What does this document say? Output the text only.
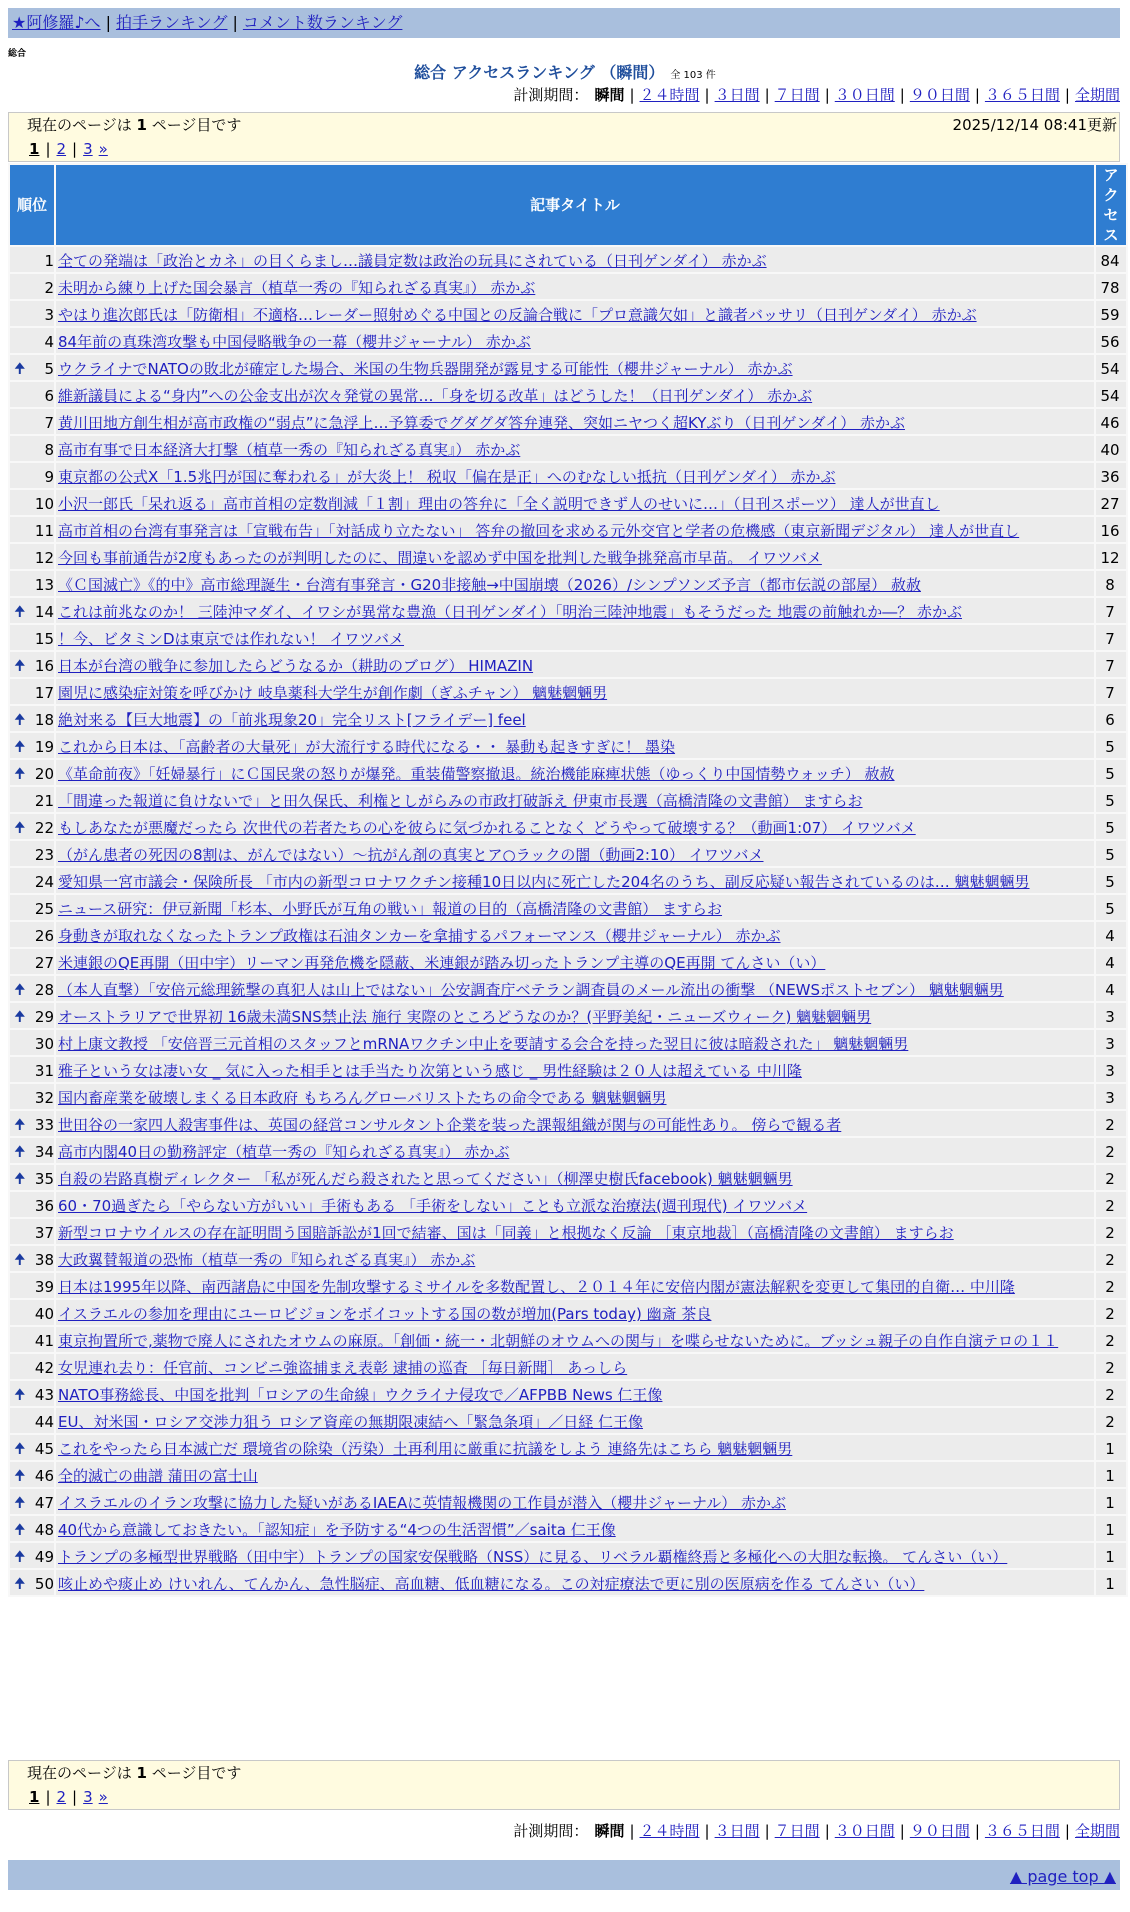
★阿修羅♪へ | 拍手ランキング | コメント数ランキング
総合
総合 アクセスランキング （瞬間） 全 103 件
計測期間： 瞬間 | ２４時間 | ３日間 | ７日間 | ３０日間 | ９０日間 | ３６５日間 | 全期間
現在のページは 1 ページ目です	2025/12/14 08:41更新
1 | 2 | 3 »
順位	記事タイトル	アクセス
1	全ての発端は「政治とカネ」の目くらまし…議員定数は政治の玩具にされている（日刊ゲンダイ） 赤かぶ	84
2	未明から練り上げた国会暴言（植草一秀の『知られざる真実』） 赤かぶ	78
3	やはり進次郎氏は「防衛相」不適格…レーダー照射めぐる中国との反論合戦に「プロ意識欠如」と識者バッサリ（日刊ゲンダイ） 赤かぶ	59
4	84年前の真珠湾攻撃も中国侵略戦争の一幕（櫻井ジャーナル） 赤かぶ	56

🠉 5	ウクライナでNATOの敗北が確定した場合、米国の生物兵器開発が露見する可能性（櫻井ジャーナル） 赤かぶ	54
6	維新議員による“身内”への公金支出が次々発覚の異常…「身を切る改革」はどうした！（日刊ゲンダイ） 赤かぶ	54
7	黄川田地方創生相が高市政権の“弱点”に急浮上…予算委でグダグダ答弁連発、突如ニヤつく超KYぶり（日刊ゲンダイ） 赤かぶ	46
8	高市有事で日本経済大打撃（植草一秀の『知られざる真実』） 赤かぶ	40
9	東京都の公式X「1.5兆円が国に奪われる」が大炎上！ 税収「偏在是正」へのむなしい抵抗（日刊ゲンダイ） 赤かぶ	36
10	小沢一郎氏「呆れ返る」高市首相の定数削減「１割」理由の答弁に「全く説明できず人のせいに…」（日刊スポーツ） 達人が世直し	27
11	高市首相の台湾有事発言は「宣戦布告」「対話成り立たない」 答弁の撤回を求める元外交官と学者の危機感（東京新聞デジタル） 達人が世直し	16
12	今回も事前通告が2度もあったのが判明したのに、間違いを認めず中国を批判した戦争挑発高市早苗。 イワツバメ	12
13	《Ｃ国滅亡》《的中》高市総理誕生・台湾有事発言・G20非接触→中国崩壊（2026）/シンプソンズ予言（都市伝説の部屋） 赦赦	8

🠉 14	これは前兆なのか！ 三陸沖マダイ、イワシが異常な豊漁（日刊ゲンダイ）「明治三陸沖地震」もそうだった 地震の前触れか―？ 赤かぶ	7
15	！今、ビタミンDは東京では作れない！ イワツバメ	7

🠉 16	日本が台湾の戦争に参加したらどうなるか（耕助のブログ） HIMAZIN	7
17	園児に感染症対策を呼びかけ 岐阜薬科大学生が創作劇（ぎふチャン） 魑魅魍魎男	7

🠉 18	絶対来る【巨大地震】の「前兆現象20」完全リスト[フライデー] feel	6

🠉 19	これから日本は、「高齢者の大量死」が大流行する時代になる・・ 暴動も起きすぎに！ 墨染	5

🠉 20	《革命前夜》「妊婦暴行」にＣ国民衆の怒りが爆発。重装備警察撤退。統治機能麻痺状態（ゆっくり中国情勢ウォッチ） 赦赦	5
21	「間違った報道に負けないで」と田久保氏、利権としがらみの市政打破訴え 伊東市長選（高橋清隆の文書館） ますらお	5

🠉 22	もしあなたが悪魔だったら 次世代の若者たちの心を彼らに気づかれることなく どうやって破壊する？（動画1:07） イワツバメ	5
23	（がん患者の死因の8割は、がんではない）〜抗がん剤の真実とア○ラックの闇（動画2:10） イワツバメ	5
24	愛知県一宮市議会・保険所長 「市内の新型コロナワクチン接種10日以内に死亡した204名のうち、副反応疑い報告されているのは… 魑魅魍魎男	5
25	ニュース研究：伊豆新聞「杉本、小野氏が互角の戦い」報道の目的（高橋清隆の文書館） ますらお	5
26	身動きが取れなくなったトランプ政権は石油タンカーを拿捕するパフォーマンス（櫻井ジャーナル） 赤かぶ	4
27	米連銀のQE再開（田中宇）リーマン再発危機を隠蔽、米連銀が踏み切ったトランプ主導のQE再開 てんさい（い）	4

🠉 28	（本人直撃）「安倍元総理銃撃の真犯人は山上ではない」公安調査庁ベテラン調査員のメール流出の衝撃 （NEWSポストセブン） 魑魅魍魎男	4

🠉 29	オーストラリアで世界初 16歳未満SNS禁止法 施行 実際のところどうなのか？(平野美紀・ニューズウィーク) 魑魅魍魎男	3
30	村上康文教授 「安倍晋三元首相のスタッフとmRNAワクチン中止を要請する会合を持った翌日に彼は暗殺された」 魑魅魍魎男	3
31	雅子という女は凄い女 _ 気に入った相手とは手当たり次第という感じ _ 男性経験は２０人は超えている 中川隆	3
32	国内畜産業を破壊しまくる日本政府 もちろんグローバリストたちの命令である 魑魅魍魎男	3

🠉 33	世田谷の一家四人殺害事件は、英国の経営コンサルタント企業を装った課報組織が関与の可能性あり。 傍らで観る者	2

🠉 34	高市内閣40日の勤務評定（植草一秀の『知られざる真実』） 赤かぶ	2

🠉 35	自殺の岩路真樹ディレクター 「私が死んだら殺されたと思ってください」（柳澤史樹氏facebook) 魑魅魍魎男	2
36	60・70過ぎたら「やらない方がいい」手術もある 「手術をしない」ことも立派な治療法(週刊現代) イワツバメ	2
37	新型コロナウイルスの存在証明問う国賠訴訟が1回で結審、国は「同義」と根拠なく反論 ［東京地裁］（高橋清隆の文書館） ますらお	2

🠉 38	大政翼賛報道の恐怖（植草一秀の『知られざる真実』） 赤かぶ	2
39	日本は1995年以降、南西諸島に中国を先制攻撃するミサイルを多数配置し、２０１４年に安倍内閣が憲法解釈を変更して集団的自衛… 中川隆	2
40	イスラエルの参加を理由にユーロビジョンをボイコットする国の数が増加(Pars today) 幽斎 茶良	2
41	東京拘置所で,薬物で廃人にされたオウムの麻原。「創価・統一・北朝鮮のオウムへの関与」を喋らせないために。ブッシュ親子の自作自演テロの１１	2
42	女児連れ去り：任官前、コンビニ強盗捕まえ表彰 逮捕の巡査 ［毎日新聞］ あっしら	2

🠉 43	NATO事務総長、中国を批判「ロシアの生命線」ウクライナ侵攻で／AFPBB News 仁王像	2
44	EU、対米国・ロシア交渉力狙う ロシア資産の無期限凍結へ「緊急条項」／日経 仁王像	2

🠉 45	これをやったら日本滅亡だ 環境省の除染（汚染）土再利用に厳重に抗議をしよう 連絡先はこちら 魑魅魍魎男	1

🠉 46	全的滅亡の曲譜 蒲田の富士山	1

🠉 47	イスラエルのイラン攻撃に協力した疑いがあるIAEAに英情報機関の工作員が潜入（櫻井ジャーナル） 赤かぶ	1

🠉 48	40代から意識しておきたい。「認知症」を予防する“4つの生活習慣”／saita 仁王像	1

🠉 49	トランプの多極型世界戦略（田中宇）トランプの国家安保戦略（NSS）に見る、リベラル覇権終焉と多極化への大胆な転換。 てんさい（い）	1

🠉 50	咳止めや痰止め けいれん、てんかん、急性脳症、高血糖、低血糖になる。この対症療法で更に別の医原病を作る てんさい（い）	1
現在のページは 1 ページ目です
1 | 2 | 3 »
計測期間： 瞬間 | ２４時間 | ３日間 | ７日間 | ３０日間 | ９０日間 | ３６５日間 | 全期間
▲ page top ▲
